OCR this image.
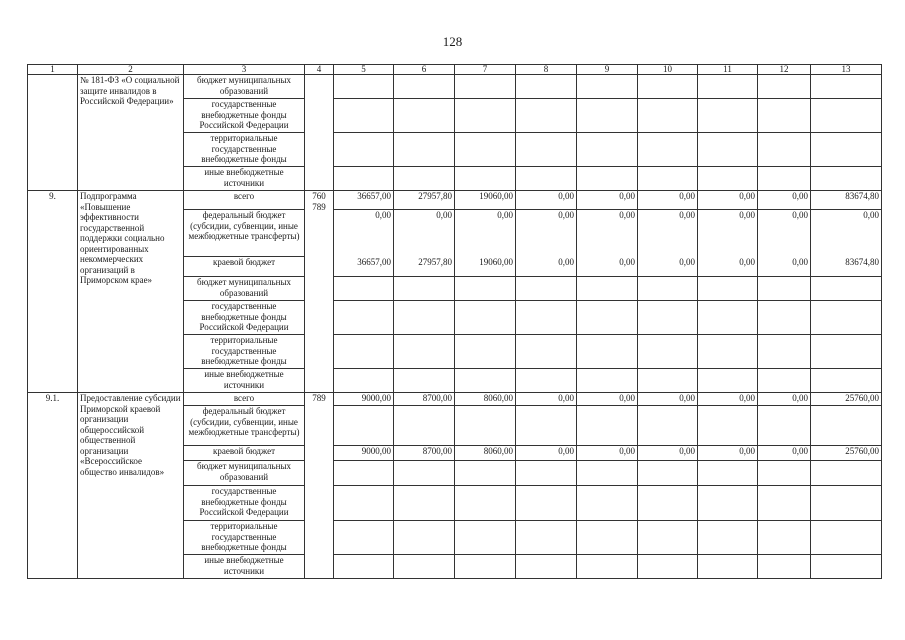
128
1	2	3	4	5	6	7	8	9	10	11	12	13
	№ 181-ФЗ «О социальной защите инвалидов в Российской Федерации»	бюджет муниципальных образований										
		государственные внебюджетные фонды Российской Федерации										
		территориальные государственные внебюджетные фонды										
		иные внебюджетные источники										
9.	Подпрограмма «Повышение эффективности государственной поддержки социально ориентированных некоммерческих организаций в Приморском крае»	всего	760 789	36657,00	27957,80	19060,00	0,00	0,00	0,00	0,00	0,00	83674,80
		федеральный бюджет (субсидии, субвенции, иные межбюджетные трансферты)		0,00	0,00	0,00	0,00	0,00	0,00	0,00	0,00	0,00
		краевой бюджет		36657,00	27957,80	19060,00	0,00	0,00	0,00	0,00	0,00	83674,80
		бюджет муниципальных образований										
		государственные внебюджетные фонды Российской Федерации										
		территориальные государственные внебюджетные фонды										
		иные внебюджетные источники										
9.1.	Предоставление субсидии Приморской краевой организации общероссийской общественной организации «Всероссийское общество инвалидов»	всего	789	9000,00	8700,00	8060,00	0,00	0,00	0,00	0,00	0,00	25760,00
		федеральный бюджет (субсидии, субвенции, иные межбюджетные трансферты)										
		краевой бюджет		9000,00	8700,00	8060,00	0,00	0,00	0,00	0,00	0,00	25760,00
		бюджет муниципальных образований										
		государственные внебюджетные фонды Российской Федерации										
		территориальные государственные внебюджетные фонды										
		иные внебюджетные источники										
